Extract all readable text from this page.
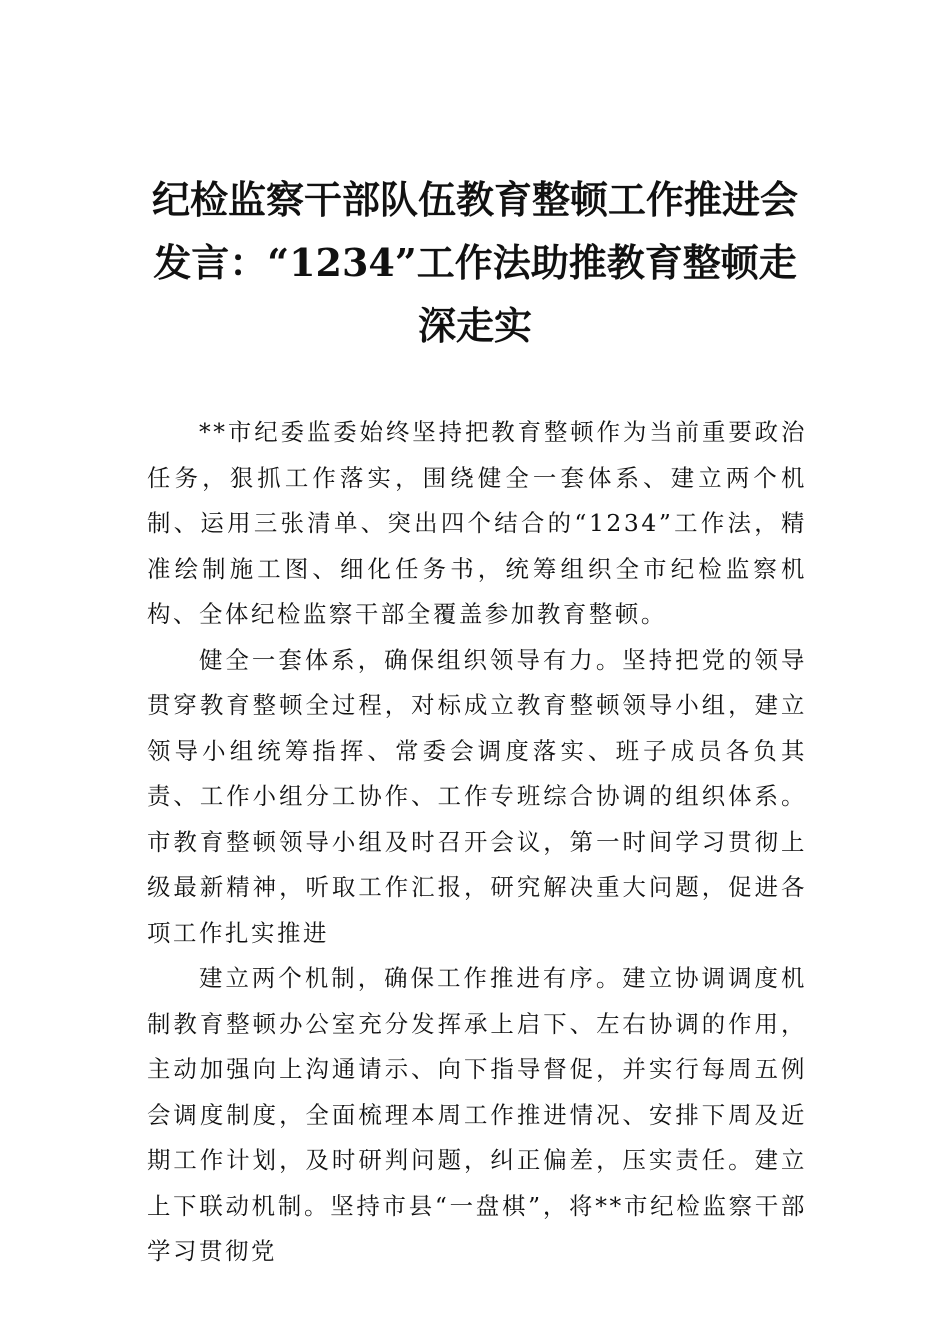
纪检监察干部队伍教育整顿工作推进会发言：“1234”工作法助推教育整顿走深走实

**市纪委监委始终坚持把教育整顿作为当前重要政治任务，狠抓工作落实，围绕健全一套体系、建立两个机制、运用三张清单、突出四个结合的“1234”工作法，精准绘制施工图、细化任务书，统筹组织全市纪检监察机构、全体纪检监察干部全覆盖参加教育整顿。

健全一套体系，确保组织领导有力。坚持把党的领导贯穿教育整顿全过程，对标成立教育整顿领导小组，建立领导小组统筹指挥、常委会调度落实、班子成员各负其责、工作小组分工协作、工作专班综合协调的组织体系。市教育整顿领导小组及时召开会议，第一时间学习贯彻上级最新精神，听取工作汇报，研究解决重大问题，促进各项工作扎实推进

建立两个机制，确保工作推进有序。建立协调调度机制教育整顿办公室充分发挥承上启下、左右协调的作用，主动加强向上沟通请示、向下指导督促，并实行每周五例会调度制度，全面梳理本周工作推进情况、安排下周及近期工作计划，及时研判问题，纠正偏差，压实责任。建立上下联动机制。坚持市县“一盘棋”，将**市纪检监察干部学习贯彻党
